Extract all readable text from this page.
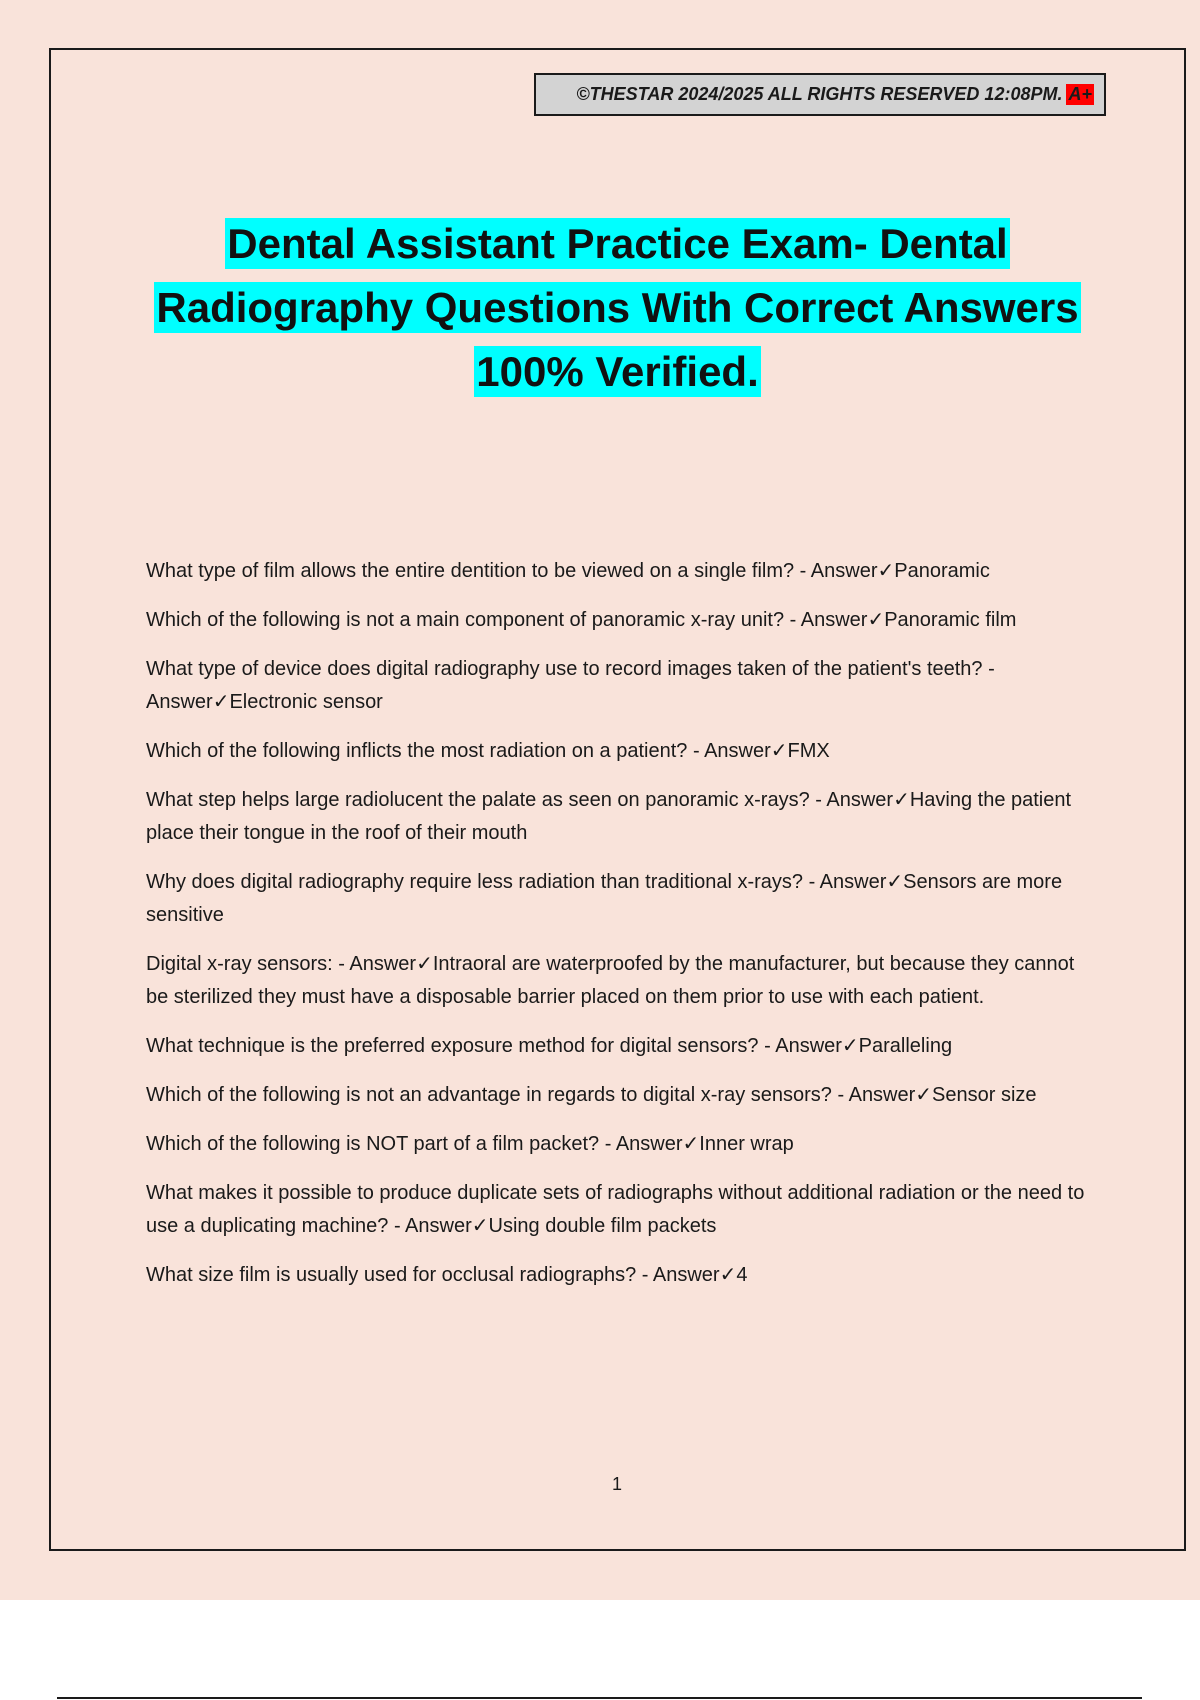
©THESTAR 2024/2025 ALL RIGHTS RESERVED 12:08PM. A+
Dental Assistant Practice Exam- Dental
Radiography Questions With Correct Answers
100% Verified.
What type of film allows the entire dentition to be viewed on a single film? - Answer✓Panoramic
Which of the following is not a main component of panoramic x-ray unit? - Answer✓Panoramic film
What type of device does digital radiography use to record images taken of the patient's teeth? - Answer✓Electronic sensor
Which of the following inflicts the most radiation on a patient? - Answer✓FMX
What step helps large radiolucent the palate as seen on panoramic x-rays? - Answer✓Having the patient place their tongue in the roof of their mouth
Why does digital radiography require less radiation than traditional x-rays? - Answer✓Sensors are more sensitive
Digital x-ray sensors: - Answer✓Intraoral are waterproofed by the manufacturer, but because they cannot be sterilized they must have a disposable barrier placed on them prior to use with each patient.
What technique is the preferred exposure method for digital sensors? - Answer✓Paralleling
Which of the following is not an advantage in regards to digital x-ray sensors? - Answer✓Sensor size
Which of the following is NOT part of a film packet? - Answer✓Inner wrap
What makes it possible to produce duplicate sets of radiographs without additional radiation or the need to use a duplicating machine? - Answer✓Using double film packets
What size film is usually used for occlusal radiographs? - Answer✓4
1
